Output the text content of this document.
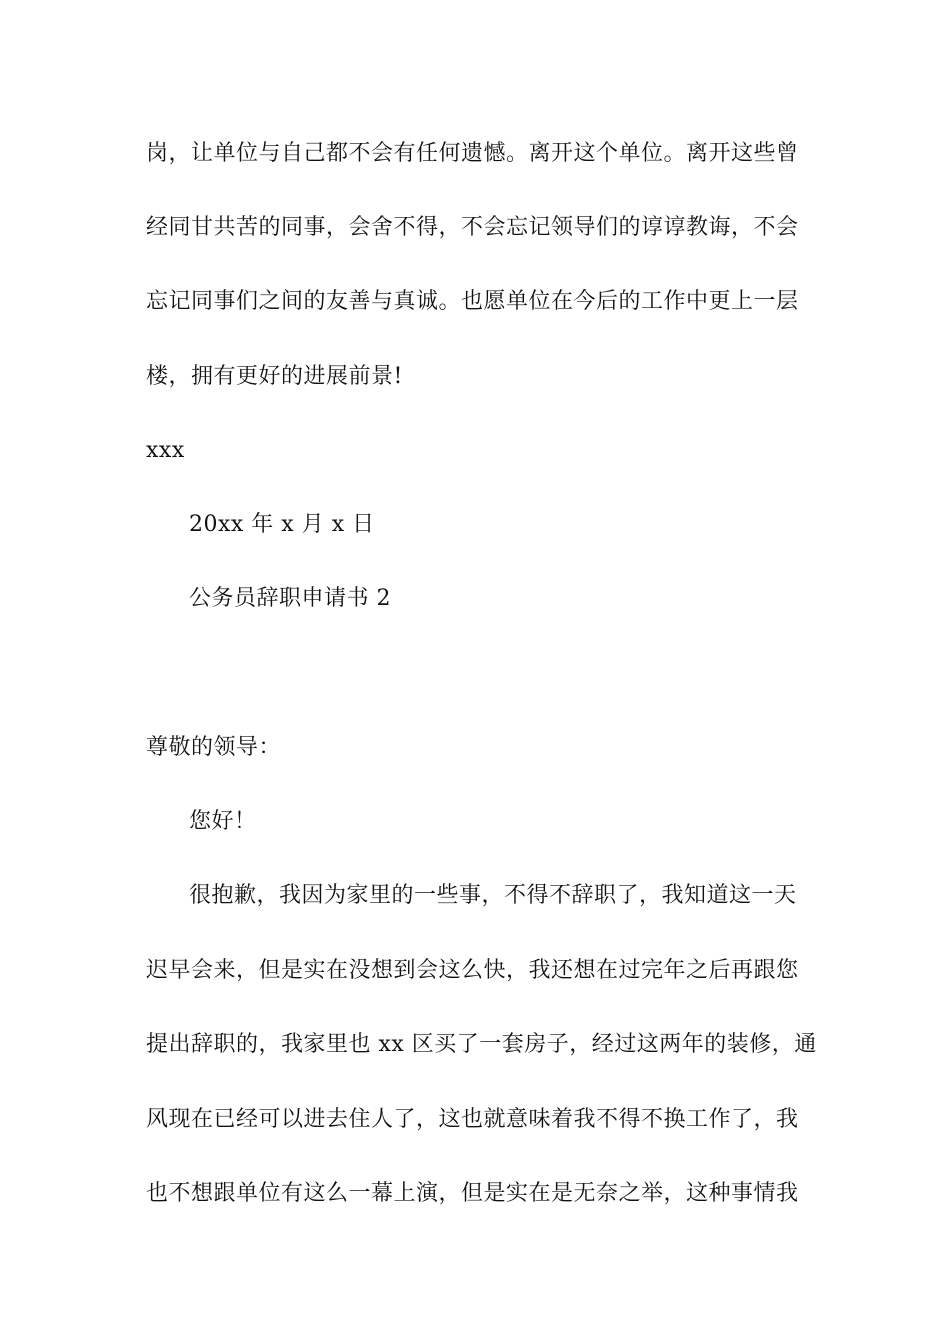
岗，让单位与自己都不会有任何遗憾。离开这个单位。离开这些曾
经同甘共苦的同事，会舍不得，不会忘记领导们的谆谆教诲，不会
忘记同事们之间的友善与真诚。也愿单位在今后的工作中更上一层
楼，拥有更好的进展前景!
xxx
20xx 年 x 月 x 日
公务员辞职申请书 2
尊敬的领导：
您好！
很抱歉，我因为家里的一些事，不得不辞职了，我知道这一天
迟早会来，但是实在没想到会这么快，我还想在过完年之后再跟您
提出辞职的，我家里也 xx 区买了一套房子，经过这两年的装修，通
风现在已经可以进去住人了，这也就意味着我不得不换工作了，我
也不想跟单位有这么一幕上演，但是实在是无奈之举，这种事情我
